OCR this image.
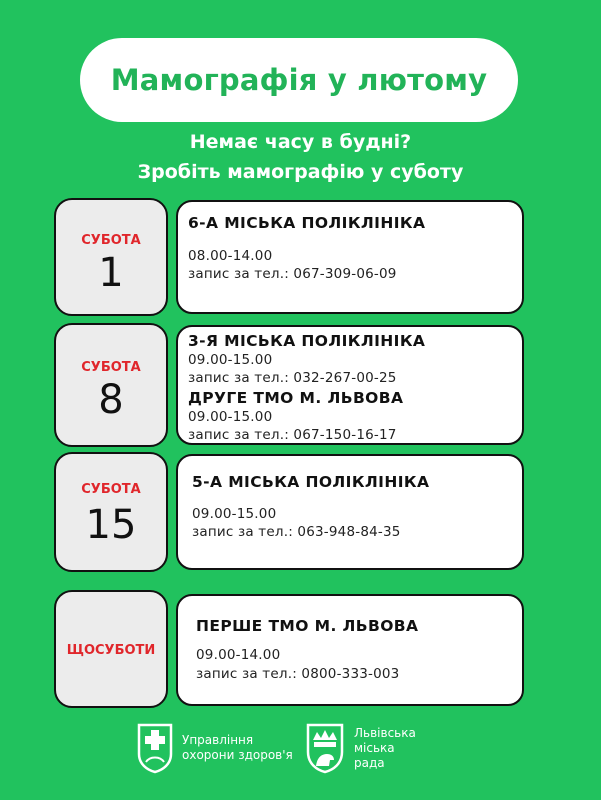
Мамографія у лютому
Немає часу в будні?
Зробіть мамографію у суботу
6-А МІСЬКА ПОЛІКЛІНІКА
08.00-14.00
запис за тел.: 067-309-06-09
СУБОТА
1
3-Я МІСЬКА ПОЛІКЛІНІКА
09.00-15.00
запис за тел.: 032-267-00-25
ДРУГЕ ТМО М. ЛЬВОВА
09.00-15.00
запис за тел.: 067-150-16-17
СУБОТА
8
5-А МІСЬКА ПОЛІКЛІНІКА
09.00-15.00
запис за тел.: 063-948-84-35
СУБОТА
15
ПЕРШЕ ТМО М. ЛЬВОВА
09.00-14.00
запис за тел.: 0800-333-003
ЩОСУБОТИ
Управління
охорони здоров'я
Львівська
міська
рада
